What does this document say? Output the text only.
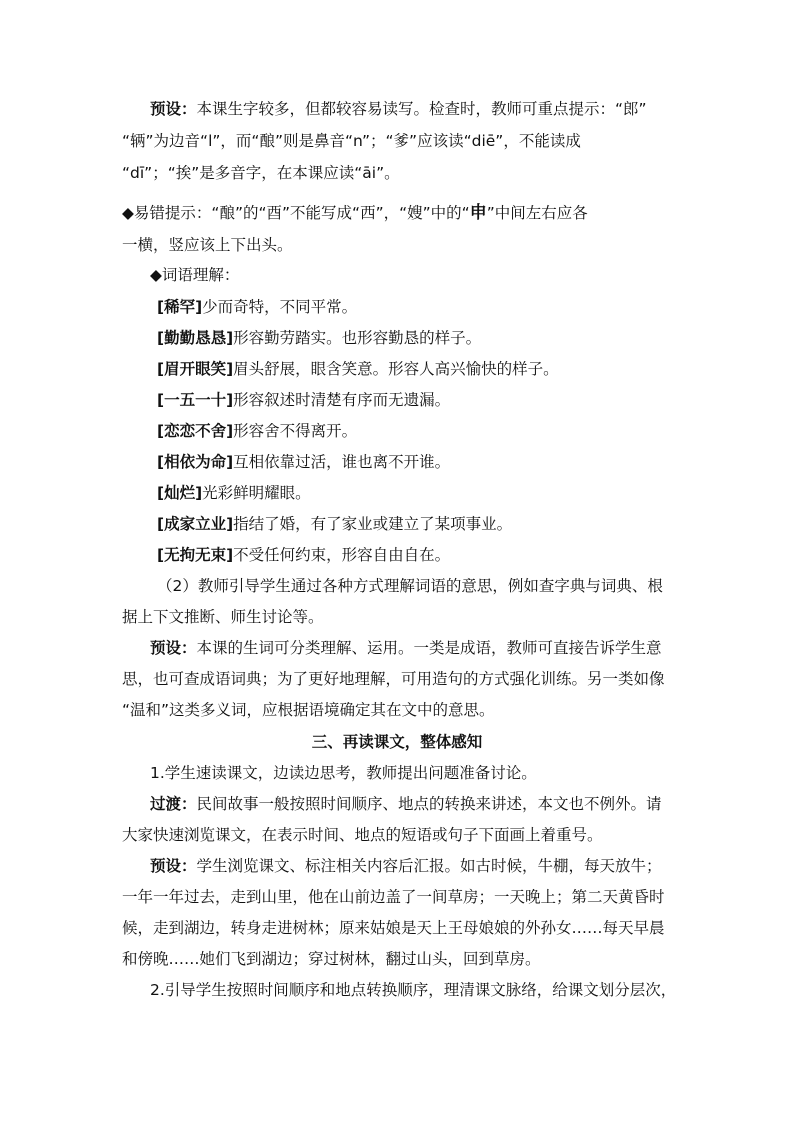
预设：本课生字较多，但都较容易读写。检查时，教师可重点提示：“郎”
“辆”为边音“l”，而“酿”则是鼻音“n”；“爹”应该读“diē”，不能读成
“dī”；“挨”是多音字，在本课应读“āi”。
◆易错提示：“酿”的“酉”不能写成“西”，“嫂”中的“申”中间左右应各
一横，竖应该上下出头。
◆词语理解：
[稀罕]少而奇特，不同平常。
[勤勤恳恳]形容勤劳踏实。也形容勤恳的样子。
[眉开眼笑]眉头舒展，眼含笑意。形容人高兴愉快的样子。
[一五一十]形容叙述时清楚有序而无遗漏。
[恋恋不舍]形容舍不得离开。
[相依为命]互相依靠过活，谁也离不开谁。
[灿烂]光彩鲜明耀眼。
[成家立业]指结了婚，有了家业或建立了某项事业。
[无拘无束]不受任何约束，形容自由自在。
（2）教师引导学生通过各种方式理解词语的意思，例如查字典与词典、根
据上下文推断、师生讨论等。
预设：本课的生词可分类理解、运用。一类是成语，教师可直接告诉学生意
思，也可查成语词典；为了更好地理解，可用造句的方式强化训练。另一类如像
“温和”这类多义词，应根据语境确定其在文中的意思。
三、再读课文，整体感知
1.学生速读课文，边读边思考，教师提出问题准备讨论。
过渡：民间故事一般按照时间顺序、地点的转换来讲述，本文也不例外。请
大家快速浏览课文，在表示时间、地点的短语或句子下面画上着重号。
预设：学生浏览课文、标注相关内容后汇报。如古时候，牛棚，每天放牛；
一年一年过去，走到山里，他在山前边盖了一间草房；一天晚上；第二天黄昏时
候，走到湖边，转身走进树林；原来姑娘是天上王母娘娘的外孙女……每天早晨
和傍晚……她们飞到湖边；穿过树林，翻过山头，回到草房。
2.引导学生按照时间顺序和地点转换顺序，理清课文脉络，给课文划分层次，
